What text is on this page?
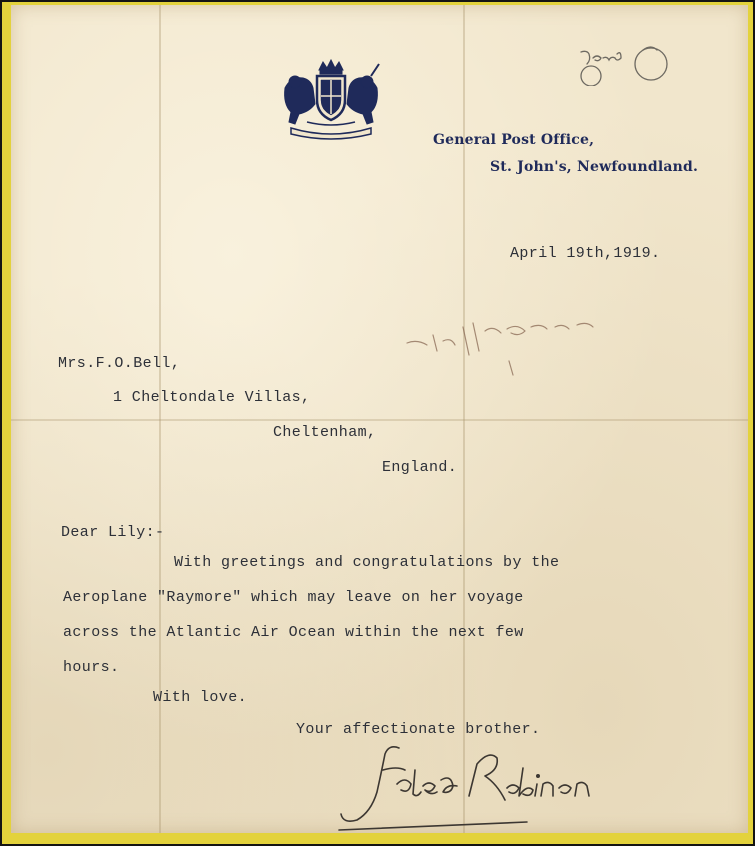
General Post Office,
St. John's, Newfoundland.
April 19th,1919.
Mrs.F.O.Bell,
1 Cheltondale Villas,
Cheltenham,
England.
Dear Lily:-
With greetings and congratulations by the
Aeroplane "Raymore" which may leave on her voyage
across the Atlantic Air Ocean within the next few
hours.
With love.
Your affectionate brother.
